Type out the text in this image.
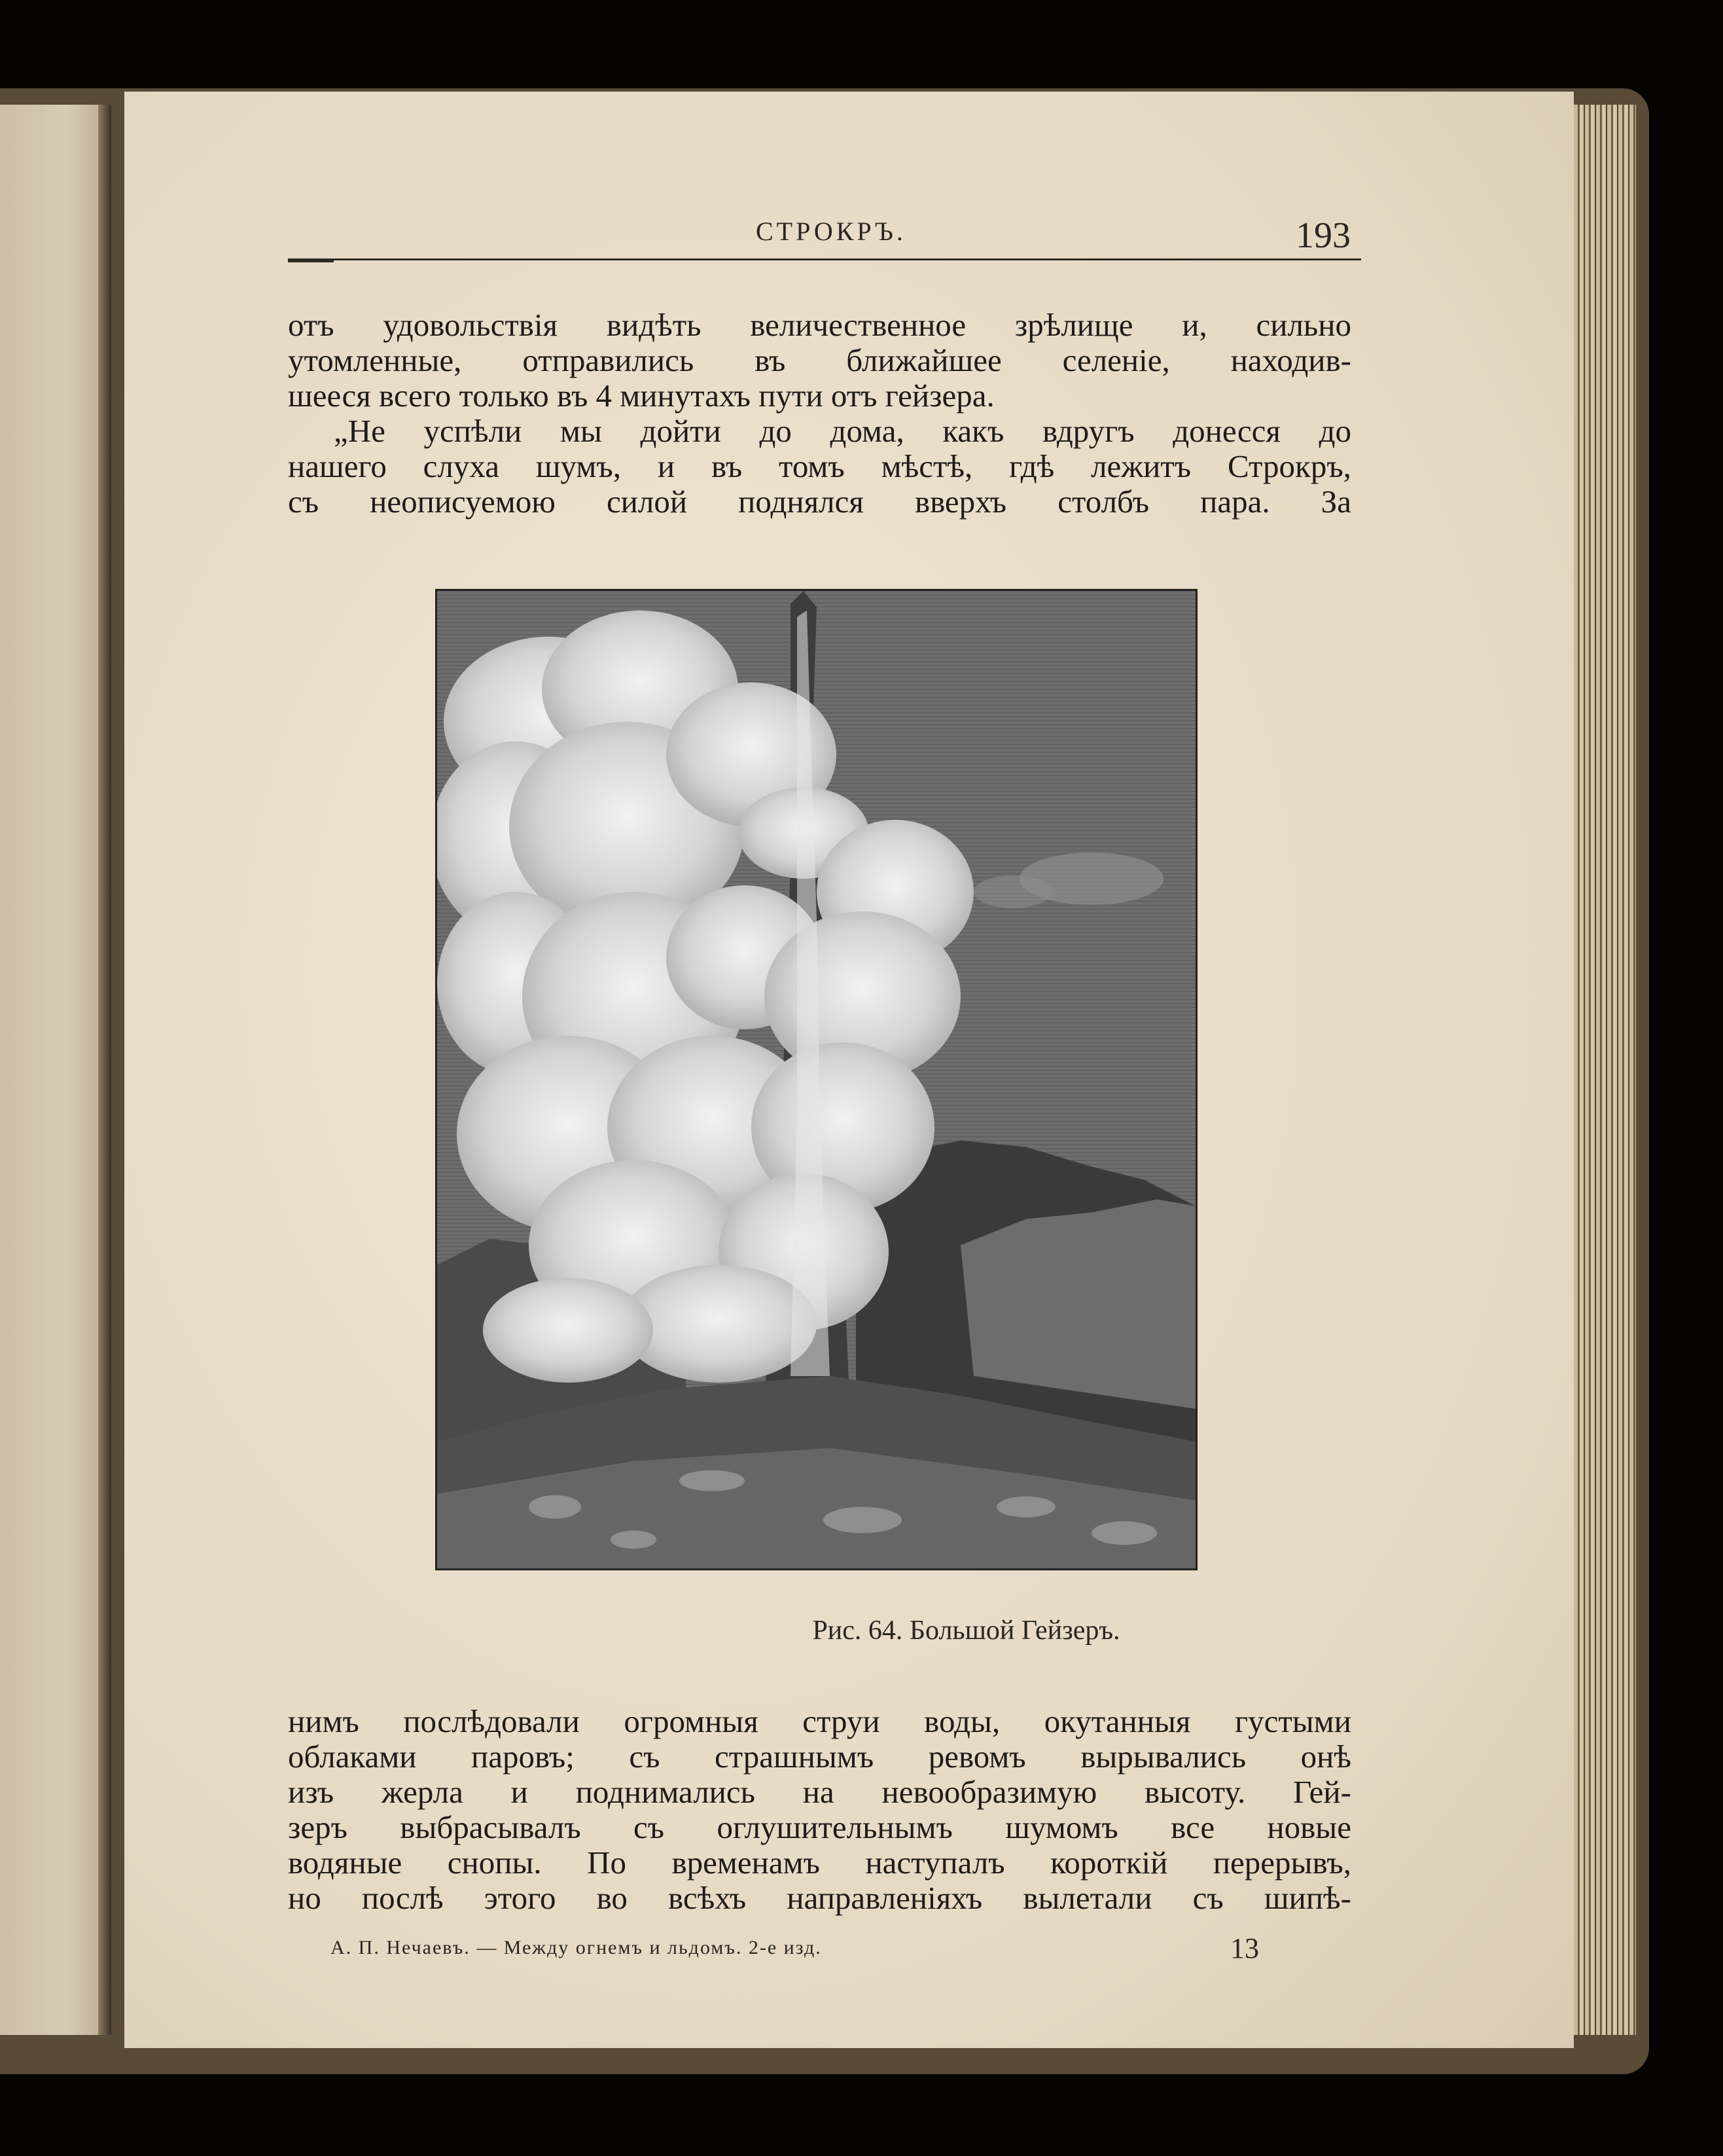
СТРОКРЪ.	193
отъ удовольствія видѣть величественное зрѣлище и, сильно
утомленные, отправились въ ближайшее селеніе, находив-
шееся всего только въ 4 минутахъ пути отъ гейзера.
„Не успѣли мы дойти до дома, какъ вдругъ донесся до
нашего слуха шумъ, и въ томъ мѣстѣ, гдѣ лежитъ Строкръ,
съ неописуемою силой поднялся вверхъ столбъ пара. За
Рис. 64. Большой Гейзеръ.
нимъ послѣдовали огромныя струи воды, окутанныя густыми
облаками паровъ; съ страшнымъ ревомъ вырывались онѣ
изъ жерла и поднимались на невообразимую высоту. Гей-
зеръ выбрасывалъ съ оглушительнымъ шумомъ все новые
водяные снопы. По временамъ наступалъ короткій перерывъ,
но послѣ этого во всѣхъ направленіяхъ вылетали съ шипѣ-
А. П. Нечаевъ. — Между огнемъ и льдомъ. 2-е изд.	13
